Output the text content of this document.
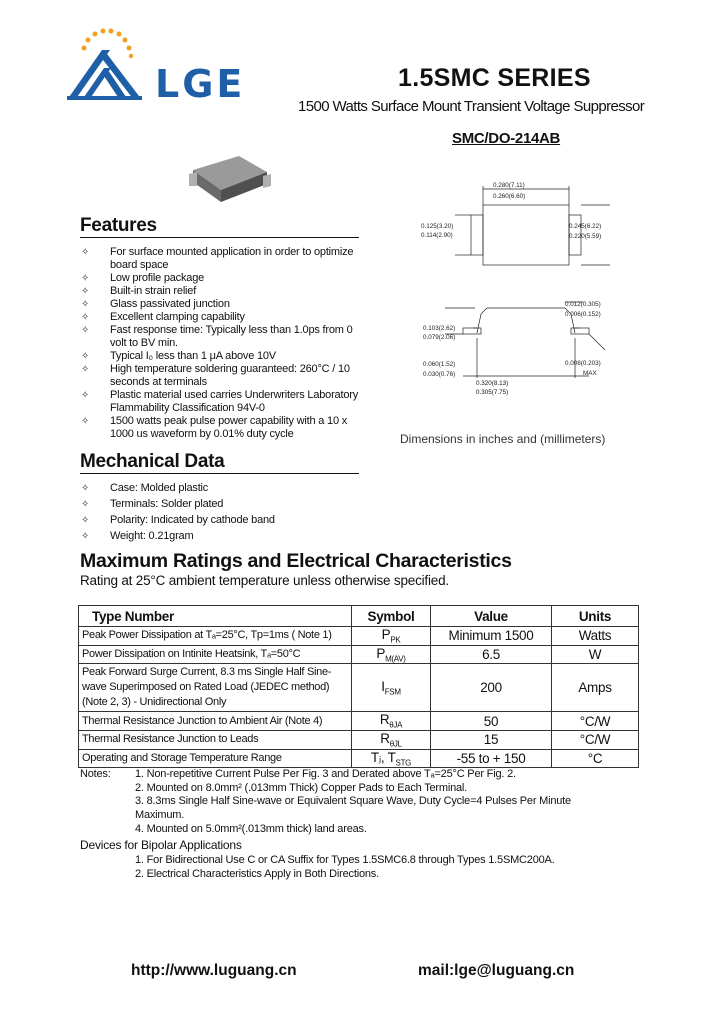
LGE	1.5SMC SERIES
1500 Watts Surface Mount Transient Voltage Suppressor
SMC/DO-214AB
Features
✧ For surface mounted application in order to optimize board space
✧ Low profile package
✧ Built-in strain relief
✧ Glass passivated junction
✧ Excellent clamping capability
✧ Fast response time: Typically less than 1.0ps from 0 volt to BV min.
✧ Typical I₀ less than 1 μA above 10V
✧ High temperature soldering guaranteed: 260°C / 10 seconds at terminals
✧ Plastic material used carries Underwriters Laboratory Flammability Classification 94V-0
✧ 1500 watts peak pulse power capability with a 10 x 1000 us waveform by 0.01% duty cycle
Mechanical Data
✧ Case: Molded plastic
✧ Terminals: Solder plated
✧ Polarity: Indicated by cathode band
✧ Weight: 0.21gram
0.280(7.11)
0.260(6.60)
0.125(3.20)
0.114(2.90)
0.245(6.22)
0.220(5.59)
0.012(0.305)
0.006(0.152)
0.103(2.62)
0.079(2.06)
0.060(1.52)
0.030(0.76)
0.008(0.203)
MAX
0.320(8.13)
0.305(7.75)
Dimensions in inches and (millimeters)
Maximum Ratings and Electrical Characteristics
Rating at 25°C ambient temperature unless otherwise specified.
Type Number	Symbol	Value	Units
Peak Power Dissipation at Tₐ=25°C, Tp=1ms ( Note 1)	$P_{PK}$	Minimum 1500	Watts
Power Dissipation on Intinite Heatsink, Tₐ=50°C	$P_{M(AV)}$	6.5	W
Peak Forward Surge Current, 8.3 ms Single Half Sine-wave Superimposed on Rated Load (JEDEC method) (Note 2, 3) - Unidirectional Only	$I_{FSM}$	200	Amps
Thermal Resistance Junction to Ambient Air (Note 4)	$R_{\theta JA}$	50	°C/W
Thermal Resistance Junction to Leads	$R_{\theta JL}$	15	°C/W
Operating and Storage Temperature Range	Tⱼ, $T_{STG}$	-55 to + 150	°C
Notes: 1. Non-repetitive Current Pulse Per Fig. 3 and Derated above Tₐ=25°C Per Fig. 2.
2. Mounted on 8.0mm² (.013mm Thick) Copper Pads to Each Terminal.
3. 8.3ms Single Half Sine-wave or Equivalent Square Wave, Duty Cycle=4 Pulses Per Minute Maximum.
4. Mounted on 5.0mm²(.013mm thick) land areas.
Devices for Bipolar Applications
1. For Bidirectional Use C or CA Suffix for Types 1.5SMC6.8 through Types 1.5SMC200A.
2. Electrical Characteristics Apply in Both Directions.
http://www.luguang.cn	mail:lge@luguang.cn
